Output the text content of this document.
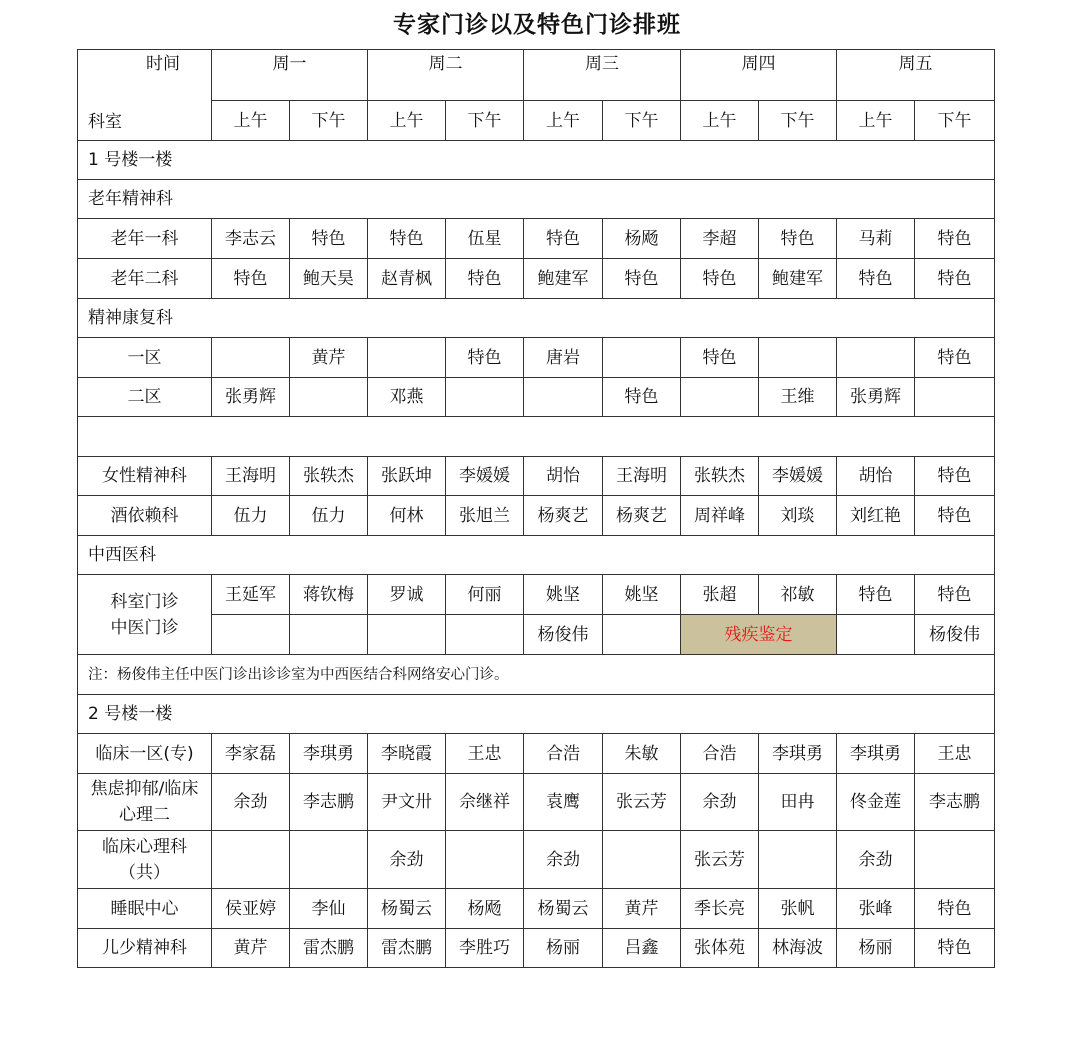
专家门诊以及特色门诊排班
时间
科室	周一		周二		周三		周四		周五	
	上午	下午	上午	下午	上午	下午	上午	下午	上午	下午
1 号楼一楼										
老年精神科										
老年一科	李志云	特色	特色	伍星	特色	杨飏	李超	特色	马莉	特色
老年二科	特色	鲍天昊	赵青枫	特色	鲍建军	特色	特色	鲍建军	特色	特色
精神康复科										
一区		黄芹		特色	唐岩		特色			特色
二区	张勇辉		邓燕			特色		王维	张勇辉	

女性精神科	王海明	张轶杰	张跃坤	李媛媛	胡怡	王海明	张轶杰	李媛媛	胡怡	特色
酒依赖科	伍力	伍力	何林	张旭兰	杨爽艺	杨爽艺	周祥峰	刘琰	刘红艳	特色
中西医科										

科室门诊
中医门诊	王延军	蒋钦梅	罗诚	何丽	姚坚	姚坚	张超	祁敏	特色	特色
					杨俊伟		残疾鉴定			杨俊伟
注：杨俊伟主任中医门诊出诊诊室为中西医结合科网络安心门诊。										
2 号楼一楼										
临床一区(专)	李家磊	李琪勇	李晓霞	王忠	合浩	朱敏	合浩	李琪勇	李琪勇	王忠
焦虑抑郁/临床心理二	余劲	李志鹏	尹文卅	佘继祥	袁鹰	张云芳	余劲	田冉	佟金莲	李志鹏
临床心理科（共）			余劲		余劲		张云芳		余劲	
睡眠中心	侯亚婷	李仙	杨蜀云	杨飏	杨蜀云	黄芹	季长亮	张帆	张峰	特色
儿少精神科	黄芹	雷杰鹏	雷杰鹏	李胜巧	杨丽	吕鑫	张体苑	林海波	杨丽	特色
